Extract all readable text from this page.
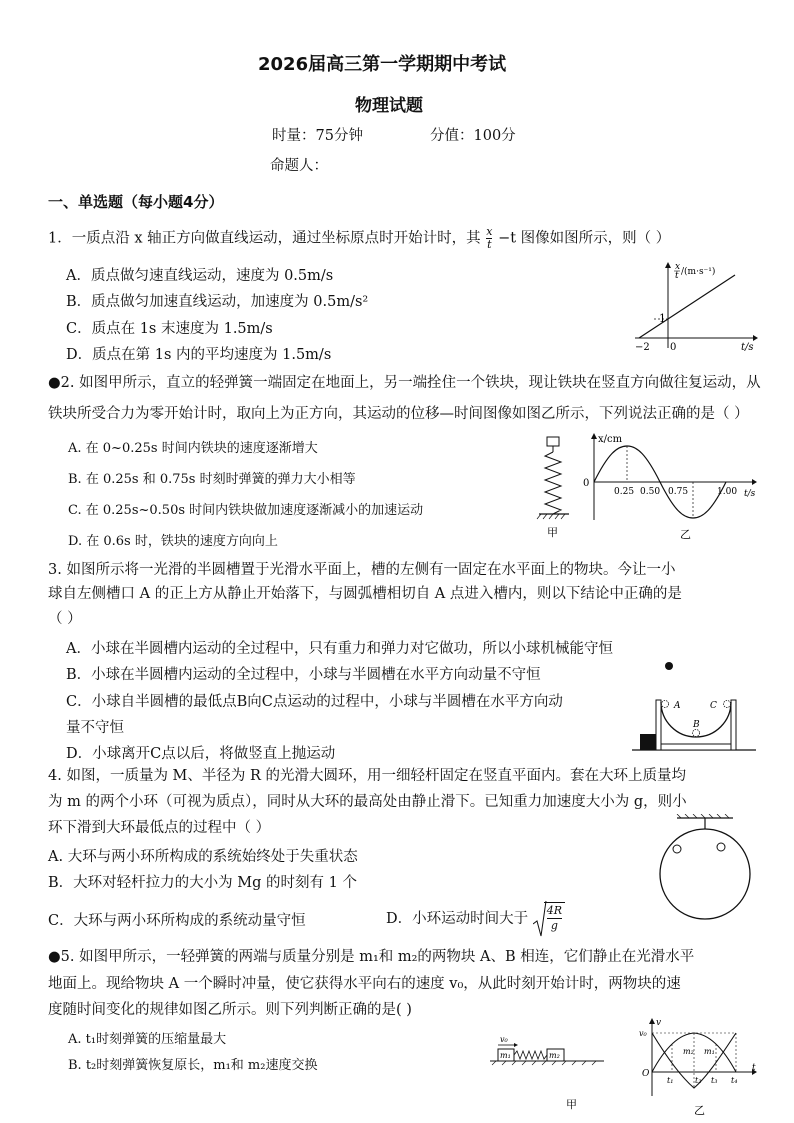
2026届高三第一学期期中考试
物理试题
时量：75分钟	分值：100分
命题人：
一、单选题（每小题4分）
1．一质点沿 x 轴正方向做直线运动，通过坐标原点时开始计时，其 $\frac{x}{t} -t$ 图像如图所示，则（ ）
A．质点做匀速直线运动，速度为 0.5m/s
B．质点做匀加速直线运动，加速度为 0.5m/s²
C．质点在 1s 末速度为 1.5m/s
D．质点在第 1s 内的平均速度为 1.5m/s
1
−2 0
x
t /(m·s⁻¹)
t/s
●2. 如图甲所示，直立的轻弹簧一端固定在地面上，另一端拴住一个铁块，现让铁块在竖直方向做往复运动，从
铁块所受合力为零开始计时，取向上为正方向，其运动的位移—时间图像如图乙所示，下列说法正确的是（ ）
A. 在 0~0.25s 时间内铁块的速度逐渐增大
B. 在 0.25s 和 0.75s 时刻时弹簧的弹力大小相等
C. 在 0.25s~0.50s 时间内铁块做加速度逐渐减小的加速运动
D. 在 0.6s 时，铁块的速度方向向上
甲
0
x/cm
0.25 0.50 0.75	1.00 t/s
乙
3. 如图所示将一光滑的半圆槽置于光滑水平面上，槽的左侧有一固定在水平面上的物块。今让一小
球自左侧槽口 A 的正上方从静止开始落下，与圆弧槽相切自 A 点进入槽内，则以下结论中正确的是
（ ）
A．小球在半圆槽内运动的全过程中，只有重力和弹力对它做功，所以小球机械能守恒
B．小球在半圆槽内运动的全过程中，小球与半圆槽在水平方向动量不守恒
C．小球自半圆槽的最低点B向C点运动的过程中，小球与半圆槽在水平方向动
量不守恒
D．小球离开C点以后，将做竖直上抛运动
A
B
C
4. 如图，一质量为 M、半径为 R 的光滑大圆环，用一细轻杆固定在竖直平面内。套在大环上质量均
为 m 的两个小环（可视为质点），同时从大环的最高处由静止滑下。已知重力加速度大小为 g，则小
环下滑到大环最低点的过程中（ ）
A. 大环与两小环所构成的系统始终处于失重状态
B．大环对轻杆拉力的大小为 Mg 的时刻有 1 个
C．大环与两小环所构成的系统动量守恒	D．小环运动时间大于 $\frac{4R}{g}$
●5. 如图甲所示，一轻弹簧的两端与质量分别是 m₁和 m₂的两物块 A、B 相连，它们静止在光滑水平
地面上。现给物块 A 一个瞬时冲量，使它获得水平向右的速度 v₀，从此时刻开始计时，两物块的速
度随时间变化的规律如图乙所示。则下列判断正确的是( )
A. t₁时刻弹簧的压缩量最大
B. t₂时刻弹簧恢复原长，m₁和 m₂速度交换
v₀
m₁	m₂
甲
v
t
O
v₀
m₂ m₁
t₁	t₂ t₃ t₄
乙
